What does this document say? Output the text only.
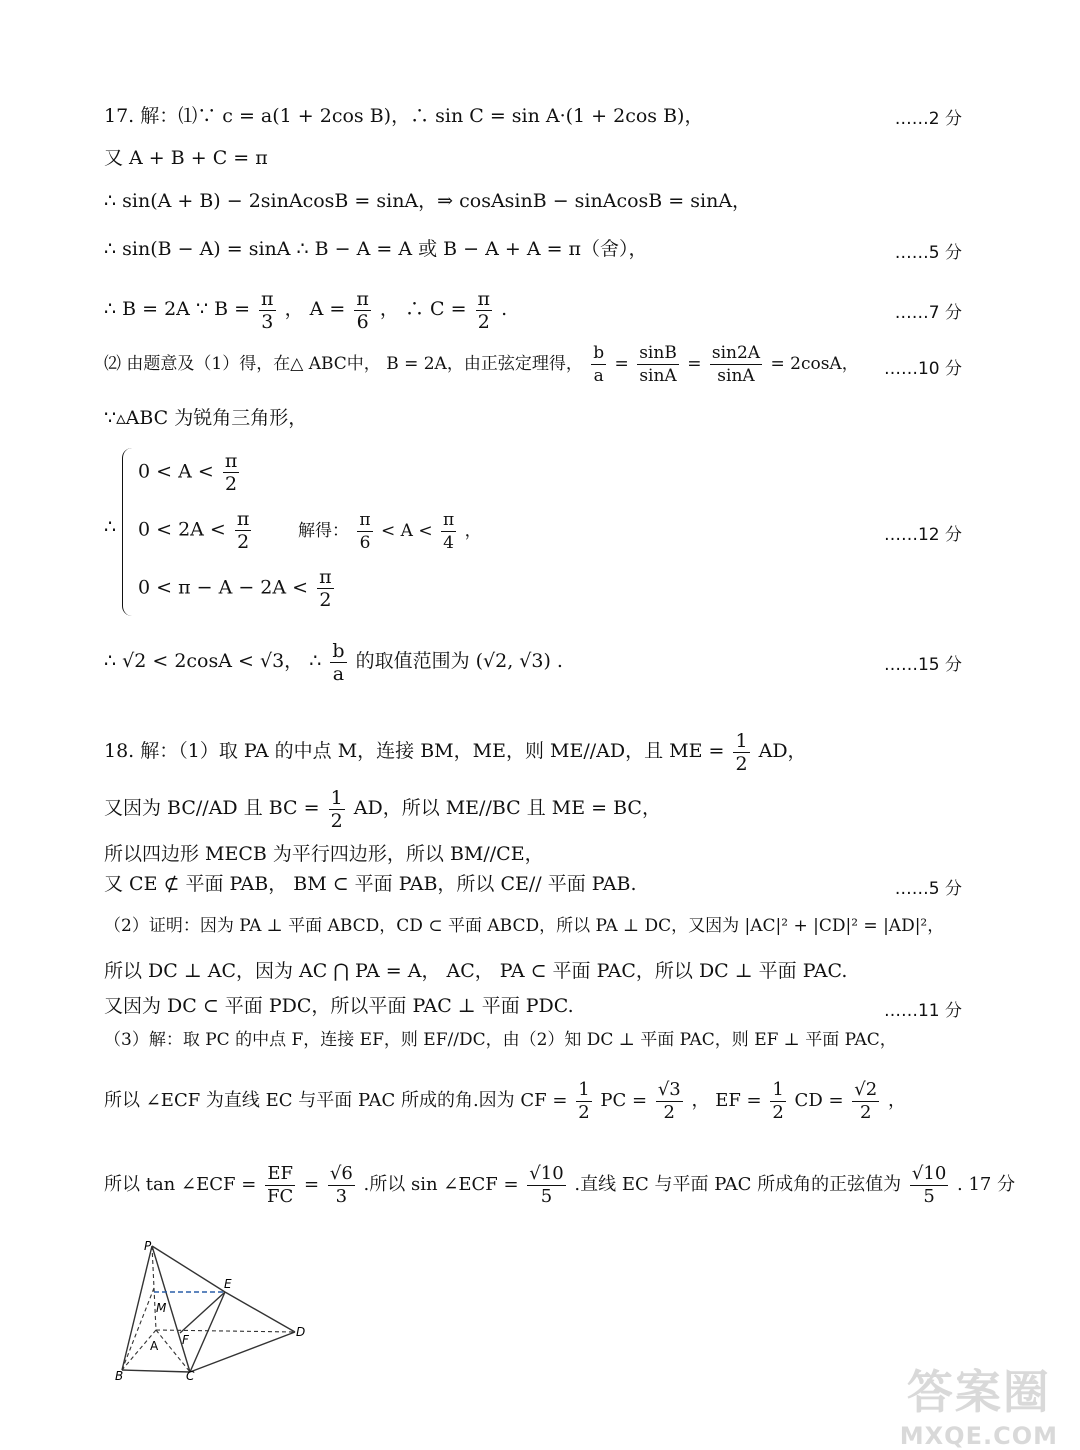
17. 解：⑴∵ c = a(1 + 2cos B)，∴ sin C = sin A·(1 + 2cos B)，	……2 分
又 A + B + C = π
∴ sin(A + B) − 2sinAcosB = sinA，⇒ cosAsinB − sinAcosB = sinA，
∴ sin(B − A) = sinA ∴ B − A = A 或 B − A + A = π（舍），	……5 分
∴ B = 2A ∵ $B = \frac{\pi}{3}$ ， $A = \frac{\pi}{6}$ ， ∴ $C = \frac{\pi}{2}$ .	……7 分
⑵ 由题意及（1）得，在△ ABC中， B = 2A，由正弦定理得， $\frac{b}{a} = \frac{\sin B}{\sin A} = \frac{\sin 2A}{\sin A} = 2\cos A$， ……10 分
∵▵ABC 为锐角三角形，
∴
$0 < A < \frac{\pi}{2}$
$0 < 2A < \frac{\pi}{2}$
$0 < \pi - A - 2A < \frac{\pi}{2}$
解得： $\frac{\pi}{6} < A < \frac{\pi}{4}$ ，	……12 分
∴ √2 < 2cosA < √3， ∴ $\frac{b}{a}$ 的取值范围为 (√2, √3) .	……15 分
18. 解：（1）取 PA 的中点 M，连接 BM，ME，则 ME//AD，且 ME = $\frac{1}{2}$ AD，
又因为 BC//AD 且 BC = $\frac{1}{2}$ AD，所以 ME//BC 且 ME = BC，
所以四边形 MECB 为平行四边形，所以 BM//CE，
又 CE ⊄ 平面 PAB， BM ⊂ 平面 PAB，所以 CE// 平面 PAB.	……5 分
（2）证明：因为 PA ⊥ 平面 ABCD，CD ⊂ 平面 ABCD，所以 PA ⊥ DC，又因为 |AC|² + |CD|² = |AD|²，
所以 DC ⊥ AC，因为 AC ⋂ PA = A， AC， PA ⊂ 平面 PAC，所以 DC ⊥ 平面 PAC.
又因为 DC ⊂ 平面 PDC，所以平面 PAC ⊥ 平面 PDC.	……11 分
（3）解：取 PC 的中点 F，连接 EF，则 EF//DC，由（2）知 DC ⊥ 平面 PAC，则 EF ⊥ 平面 PAC，
所以 ∠ECF 为直线 EC 与平面 PAC 所成的角.因为 CF = $\frac{1}{2}$ PC = $\frac{√3}{2}$ ， EF = $\frac{1}{2}$ CD = $\frac{√2}{2}$ ，
所以 tan ∠ECF = $\frac{EF}{FC} = \frac{√6}{3}$ .所以 sin ∠ECF = $\frac{√10}{5}$ .直线 EC 与平面 PAC 所成角的正弦值为 $\frac{√10}{5}$ . 17 分
P
E
M
F
A
D
B	C	答案圈
MXQE.COM
